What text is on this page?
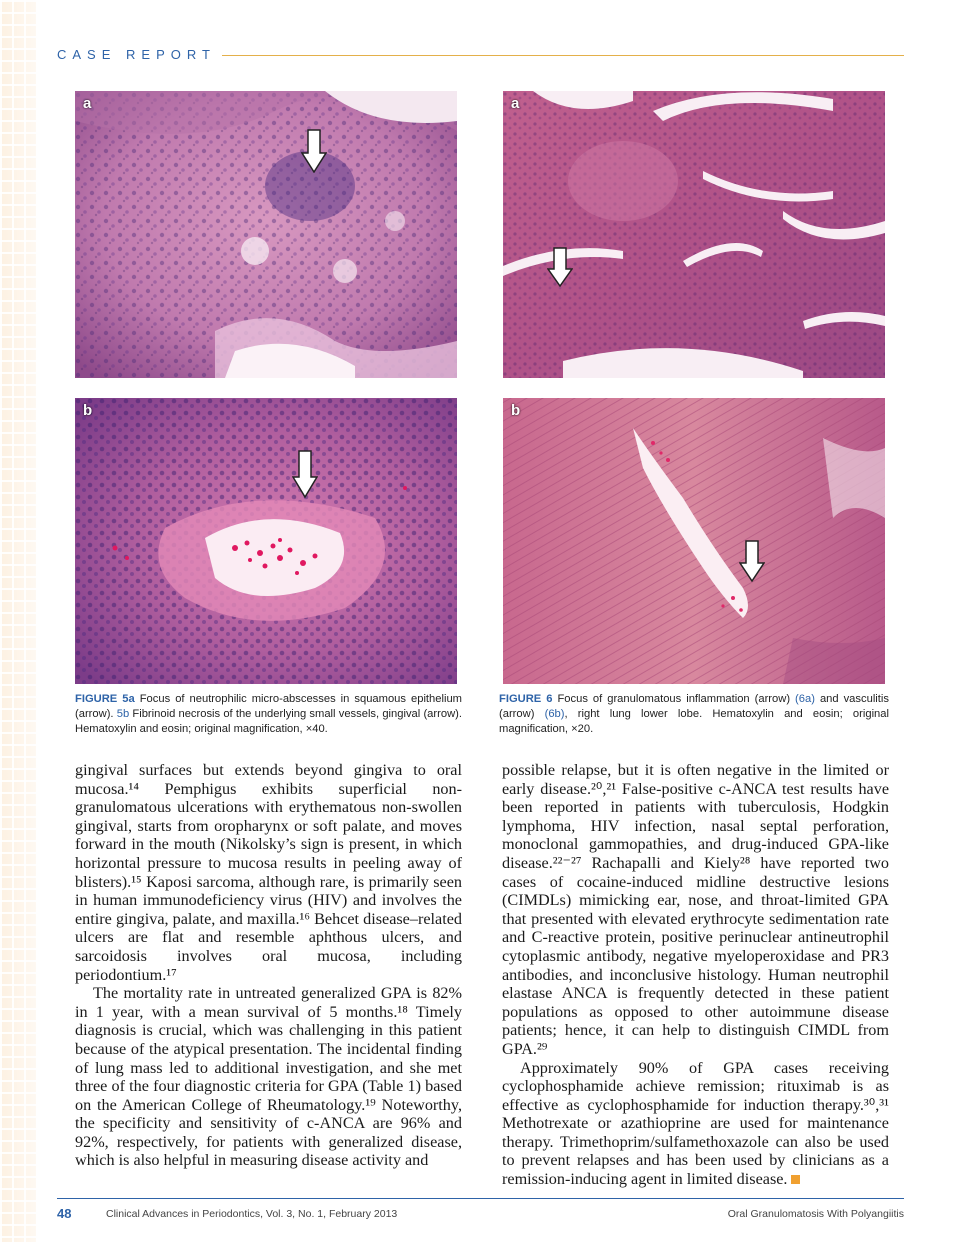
CASE REPORT
a
b
a
b
FIGURE 5a Focus of neutrophilic micro-abscesses in squamous epithelium (arrow). 5b Fibrinoid necrosis of the underlying small vessels, gingival (arrow). Hematoxylin and eosin; original magnification, ×40.
FIGURE 6 Focus of granulomatous inflammation (arrow) (6a) and vasculitis (arrow) (6b), right lung lower lobe. Hematoxylin and eosin; original magnification, ×20.

gingival surfaces but extends beyond gingiva to oral mucosa.¹⁴ Pemphigus exhibits superficial non-granulomatous ulcerations with erythematous non-swollen gingival, starts from oropharynx or soft palate, and moves forward in the mouth (Nikolsky’s sign is present, in which horizontal pressure to mucosa results in peeling away of blisters).¹⁵ Kaposi sarcoma, although rare, is primarily seen in human immunodeficiency virus (HIV) and involves the entire gingiva, palate, and maxilla.¹⁶ Behcet disease–related ulcers are flat and resemble aphthous ulcers, and sarcoidosis involves oral mucosa, including periodontium.¹⁷

The mortality rate in untreated generalized GPA is 82% in 1 year, with a mean survival of 5 months.¹⁸ Timely diagnosis is crucial, which was challenging in this patient because of the atypical presentation. The incidental finding of lung mass led to additional investigation, and she met three of the four diagnostic criteria for GPA (Table 1) based on the American College of Rheumatology.¹⁹ Noteworthy, the specificity and sensitivity of c-ANCA are 96% and 92%, respectively, for patients with generalized disease, which is also helpful in measuring disease activity and

possible relapse, but it is often negative in the limited or early disease.²⁰,²¹ False-positive c-ANCA test results have been reported in patients with tuberculosis, Hodgkin lymphoma, HIV infection, nasal septal perforation, monoclonal gammopathies, and drug-induced GPA-like disease.²²⁻²⁷ Rachapalli and Kiely²⁸ have reported two cases of cocaine-induced midline destructive lesions (CIMDLs) mimicking ear, nose, and throat-limited GPA that presented with elevated erythrocyte sedimentation rate and C-reactive protein, positive perinuclear antineutrophil cytoplasmic antibody, negative myeloperoxidase and PR3 antibodies, and inconclusive histology. Human neutrophil elastase ANCA is frequently detected in these patient populations as opposed to other autoimmune disease patients; hence, it can help to distinguish CIMDL from GPA.²⁹

Approximately 90% of GPA cases receiving cyclophosphamide achieve remission; rituximab is as effective as cyclophosphamide for induction therapy.³⁰,³¹ Methotrexate or azathioprine are used for maintenance therapy. Trimethoprim/sulfamethoxazole can also be used to prevent relapses and has been used by clinicians as a remission-inducing agent in limited disease.

48	Clinical Advances in Periodontics, Vol. 3, No. 1, February 2013	Oral Granulomatosis With Polyangiitis
